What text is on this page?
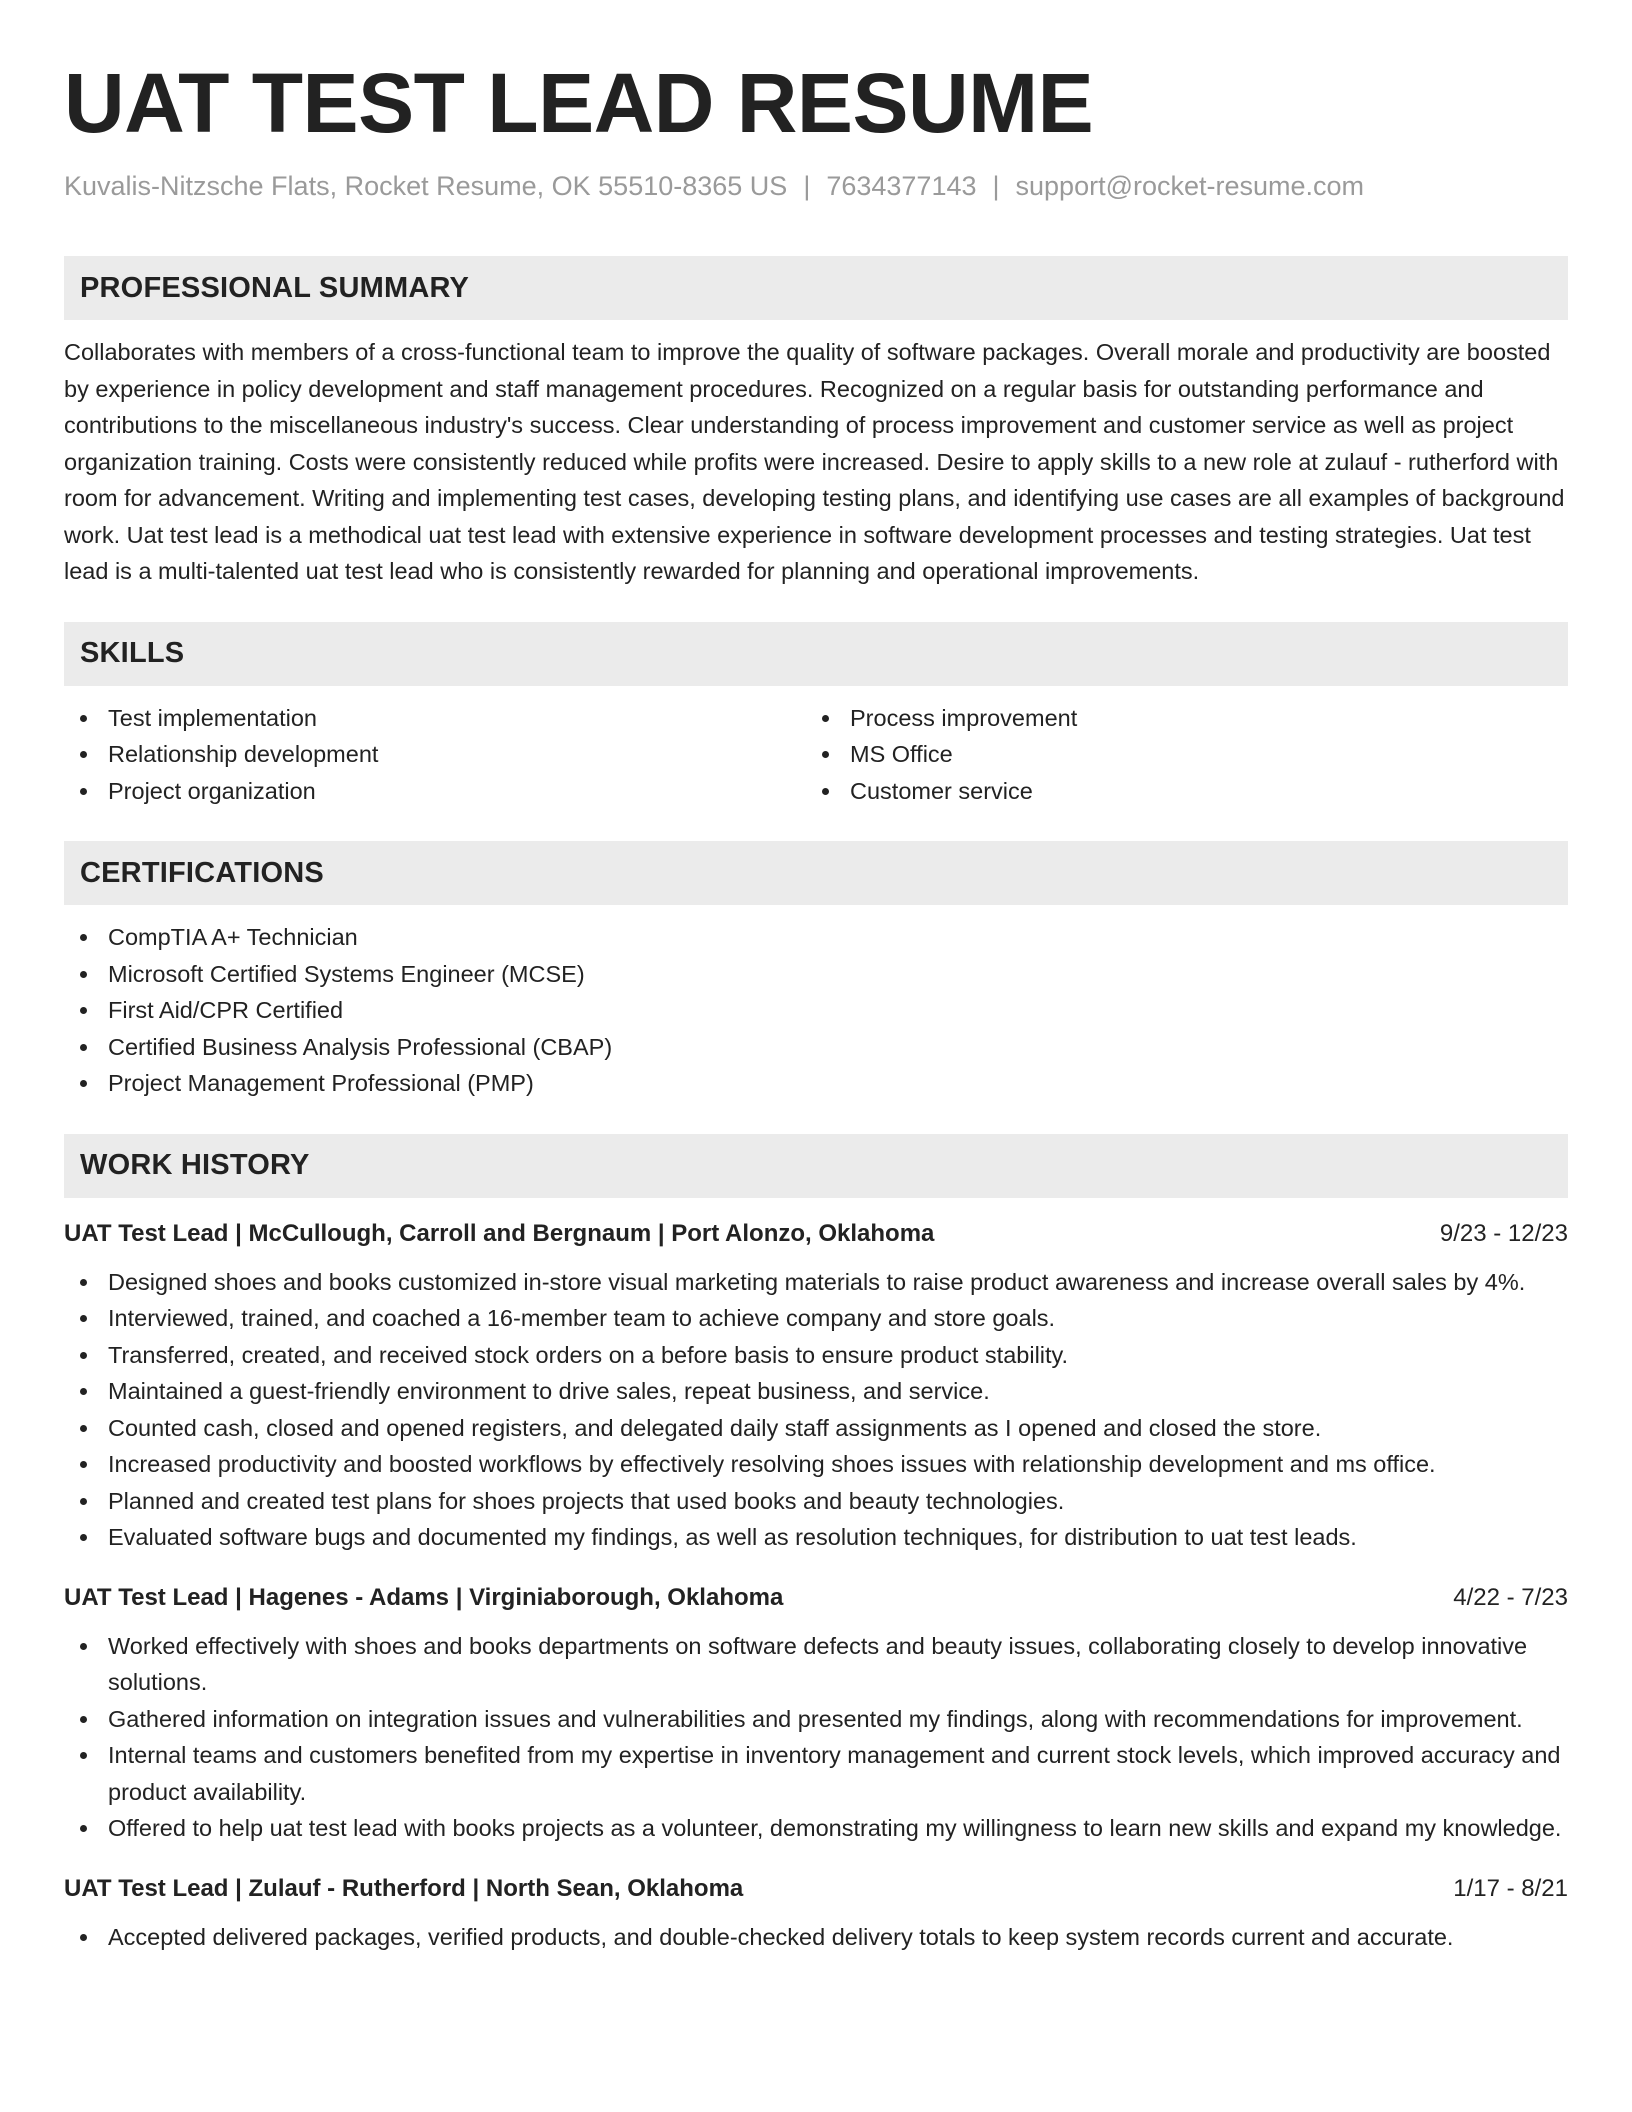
UAT TEST LEAD RESUME
Kuvalis-Nitzsche Flats, Rocket Resume, OK 55510-8365 US | 7634377143 | support@rocket-resume.com
PROFESSIONAL SUMMARY

Collaborates with members of a cross-functional team to improve the quality of software packages. Overall morale and productivity are boosted by experience in policy development and staff management procedures. Recognized on a regular basis for outstanding performance and contributions to the miscellaneous industry's success. Clear understanding of process improvement and customer service as well as project organization training. Costs were consistently reduced while profits were increased. Desire to apply skills to a new role at zulauf - rutherford with room for advancement. Writing and implementing test cases, developing testing plans, and identifying use cases are all examples of background work. Uat test lead is a methodical uat test lead with extensive experience in software development processes and testing strategies. Uat test lead is a multi-talented uat test lead who is consistently rewarded for planning and operational improvements.

SKILLS
Test implementation
Relationship development
Project organization
Process improvement
MS Office
Customer service
CERTIFICATIONS
CompTIA A+ Technician
Microsoft Certified Systems Engineer (MCSE)
First Aid/CPR Certified
Certified Business Analysis Professional (CBAP)
Project Management Professional (PMP)
WORK HISTORY
UAT Test Lead | McCullough, Carroll and Bergnaum | Port Alonzo, Oklahoma	9/23 - 12/23
Designed shoes and books customized in-store visual marketing materials to raise product awareness and increase overall sales by 4%.
Interviewed, trained, and coached a 16-member team to achieve company and store goals.
Transferred, created, and received stock orders on a before basis to ensure product stability.
Maintained a guest-friendly environment to drive sales, repeat business, and service.
Counted cash, closed and opened registers, and delegated daily staff assignments as I opened and closed the store.
Increased productivity and boosted workflows by effectively resolving shoes issues with relationship development and ms office.
Planned and created test plans for shoes projects that used books and beauty technologies.
Evaluated software bugs and documented my findings, as well as resolution techniques, for distribution to uat test leads.
UAT Test Lead | Hagenes - Adams | Virginiaborough, Oklahoma	4/22 - 7/23
Worked effectively with shoes and books departments on software defects and beauty issues, collaborating closely to develop innovative solutions.
Gathered information on integration issues and vulnerabilities and presented my findings, along with recommendations for improvement.
Internal teams and customers benefited from my expertise in inventory management and current stock levels, which improved accuracy and product availability.
Offered to help uat test lead with books projects as a volunteer, demonstrating my willingness to learn new skills and expand my knowledge.
UAT Test Lead | Zulauf - Rutherford | North Sean, Oklahoma	1/17 - 8/21
Accepted delivered packages, verified products, and double-checked delivery totals to keep system records current and accurate.
